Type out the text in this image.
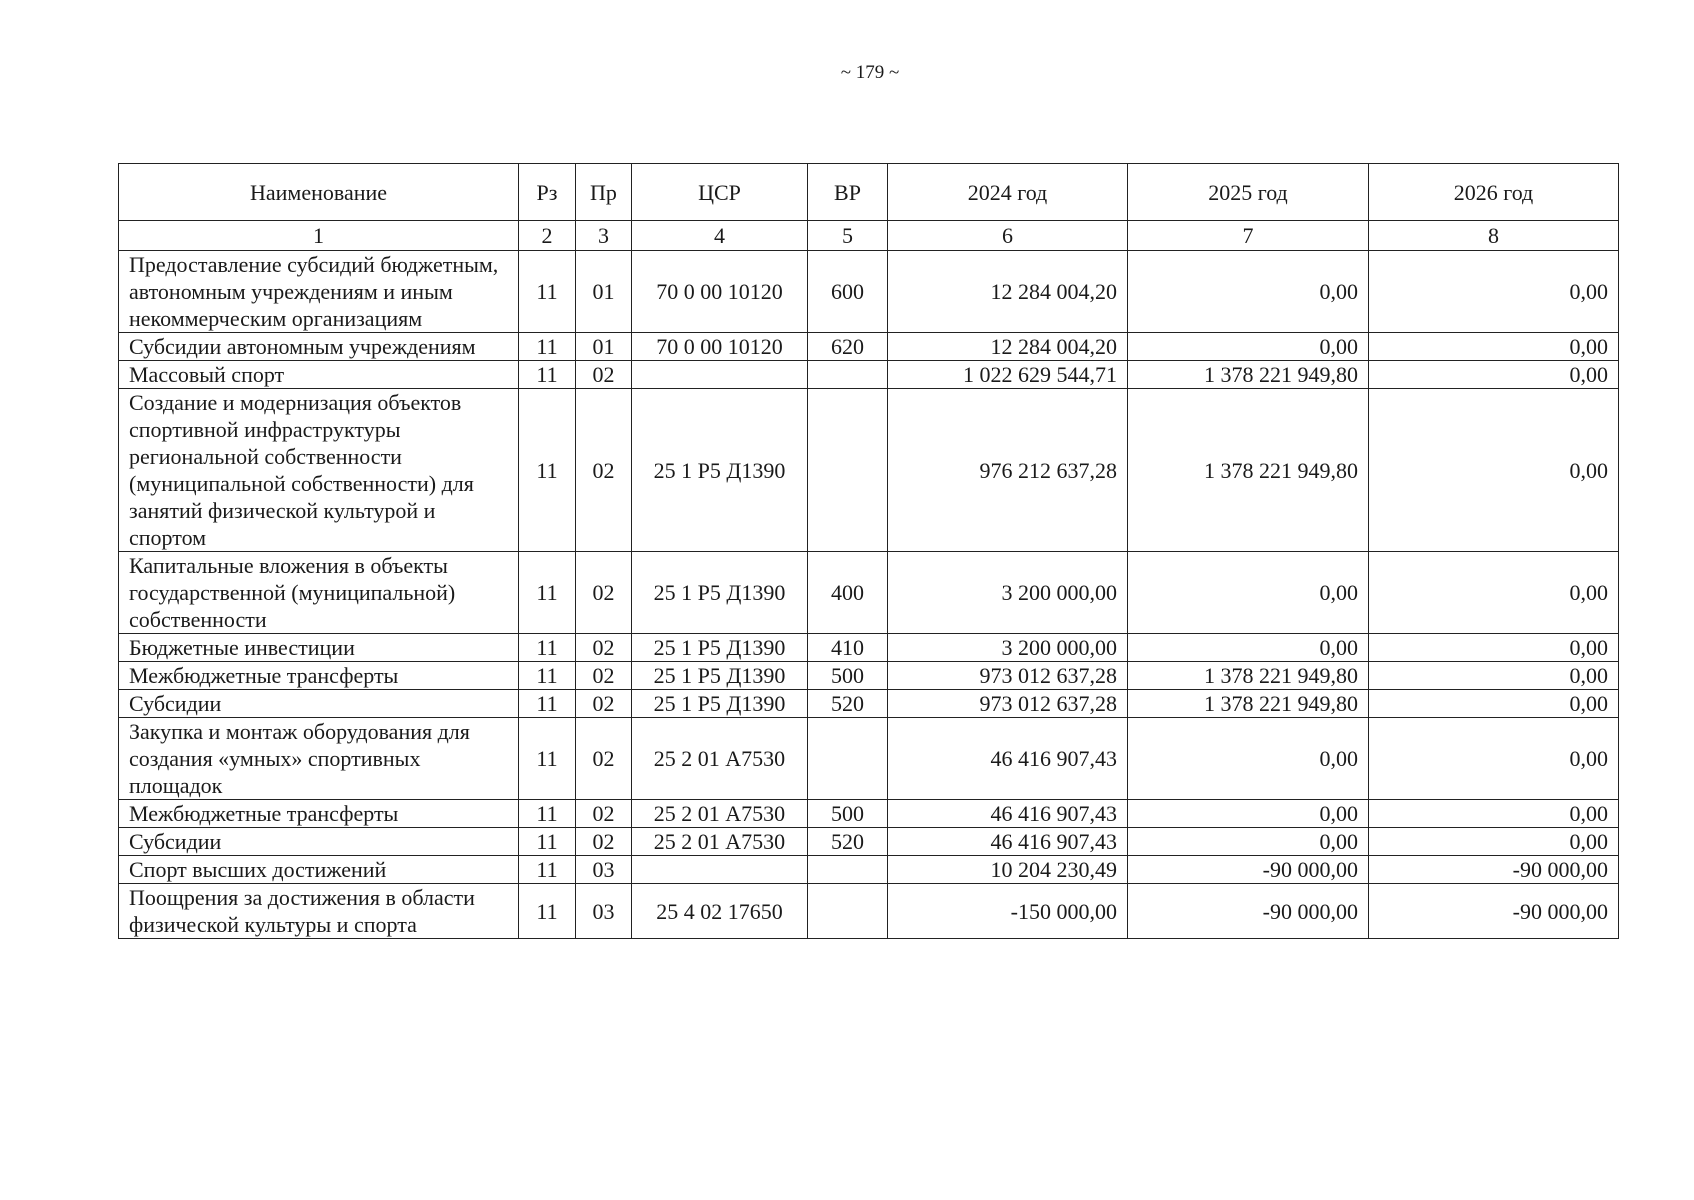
~ 179 ~
Наименование	Рз	Пр	ЦСР	ВР	2024 год	2025 год	2026 год
1	2	3	4	5	6	7	8
Предоставление субсидий бюджетным, автономным учреждениям и иным некоммерческим организациям	11	01	70 0 00 10120	600	12 284 004,20	0,00	0,00
Субсидии автономным учреждениям	11	01	70 0 00 10120	620	12 284 004,20	0,00	0,00
Массовый спорт	11	02			1 022 629 544,71	1 378 221 949,80	0,00
Создание и модернизация объектов спортивной инфраструктуры региональной собственности (муниципальной собственности) для занятий физической культурой и спортом	11	02	25 1 Р5 Д1390		976 212 637,28	1 378 221 949,80	0,00
Капитальные вложения в объекты государственной (муниципальной) собственности	11	02	25 1 Р5 Д1390	400	3 200 000,00	0,00	0,00
Бюджетные инвестиции	11	02	25 1 Р5 Д1390	410	3 200 000,00	0,00	0,00
Межбюджетные трансферты	11	02	25 1 Р5 Д1390	500	973 012 637,28	1 378 221 949,80	0,00
Субсидии	11	02	25 1 Р5 Д1390	520	973 012 637,28	1 378 221 949,80	0,00
Закупка и монтаж оборудования для создания «умных» спортивных площадок	11	02	25 2 01 А7530		46 416 907,43	0,00	0,00
Межбюджетные трансферты	11	02	25 2 01 А7530	500	46 416 907,43	0,00	0,00
Субсидии	11	02	25 2 01 А7530	520	46 416 907,43	0,00	0,00
Спорт высших достижений	11	03			10 204 230,49	-90 000,00	-90 000,00
Поощрения за достижения в области физической культуры и спорта	11	03	25 4 02 17650		-150 000,00	-90 000,00	-90 000,00
